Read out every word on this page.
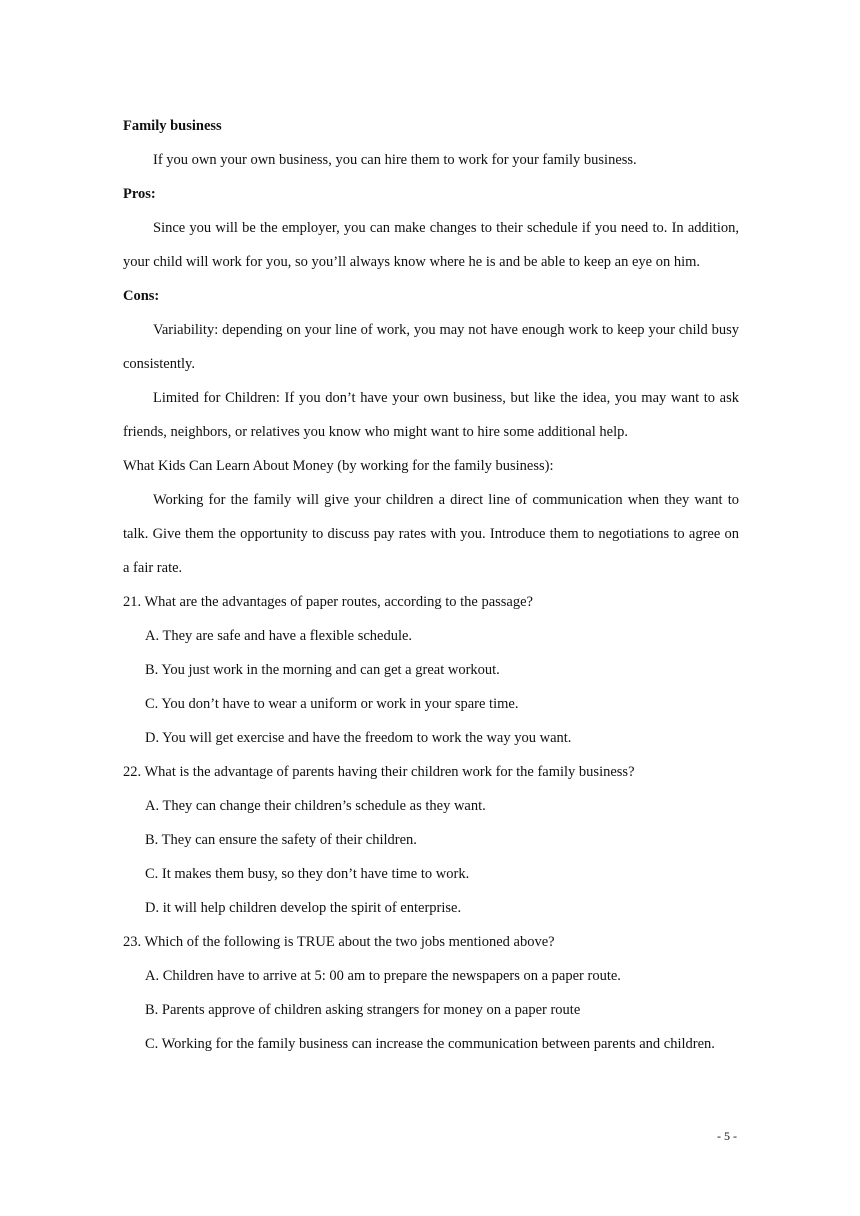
Family business

If you own your own business, you can hire them to work for your family business.

Pros:

Since you will be the employer, you can make changes to their schedule if you need to. In addition, your child will work for you, so you’ll always know where he is and be able to keep an eye on him.

Cons:

Variability: depending on your line of work, you may not have enough work to keep your child busy consistently.

Limited for Children: If you don’t have your own business, but like the idea, you may want to ask friends, neighbors, or relatives you know who might want to hire some additional help.

What Kids Can Learn About Money (by working for the family business):

Working for the family will give your children a direct line of communication when they want to talk. Give them the opportunity to discuss pay rates with you. Introduce them to negotiations to agree on a fair rate.

21. What are the advantages of paper routes, according to the passage?

A. They are safe and have a flexible schedule.

B. You just work in the morning and can get a great workout.

C. You don’t have to wear a uniform or work in your spare time.

D. You will get exercise and have the freedom to work the way you want.

22. What is the advantage of parents having their children work for the family business?

A. They can change their children’s schedule as they want.

B. They can ensure the safety of their children.

C. It makes them busy, so they don’t have time to work.

D. it will help children develop the spirit of enterprise.

23. Which of the following is TRUE about the two jobs mentioned above?

A. Children have to arrive at 5: 00 am to prepare the newspapers on a paper route.

B. Parents approve of children asking strangers for money on a paper route

C. Working for the family business can increase the communication between parents and children.

- 5 -
